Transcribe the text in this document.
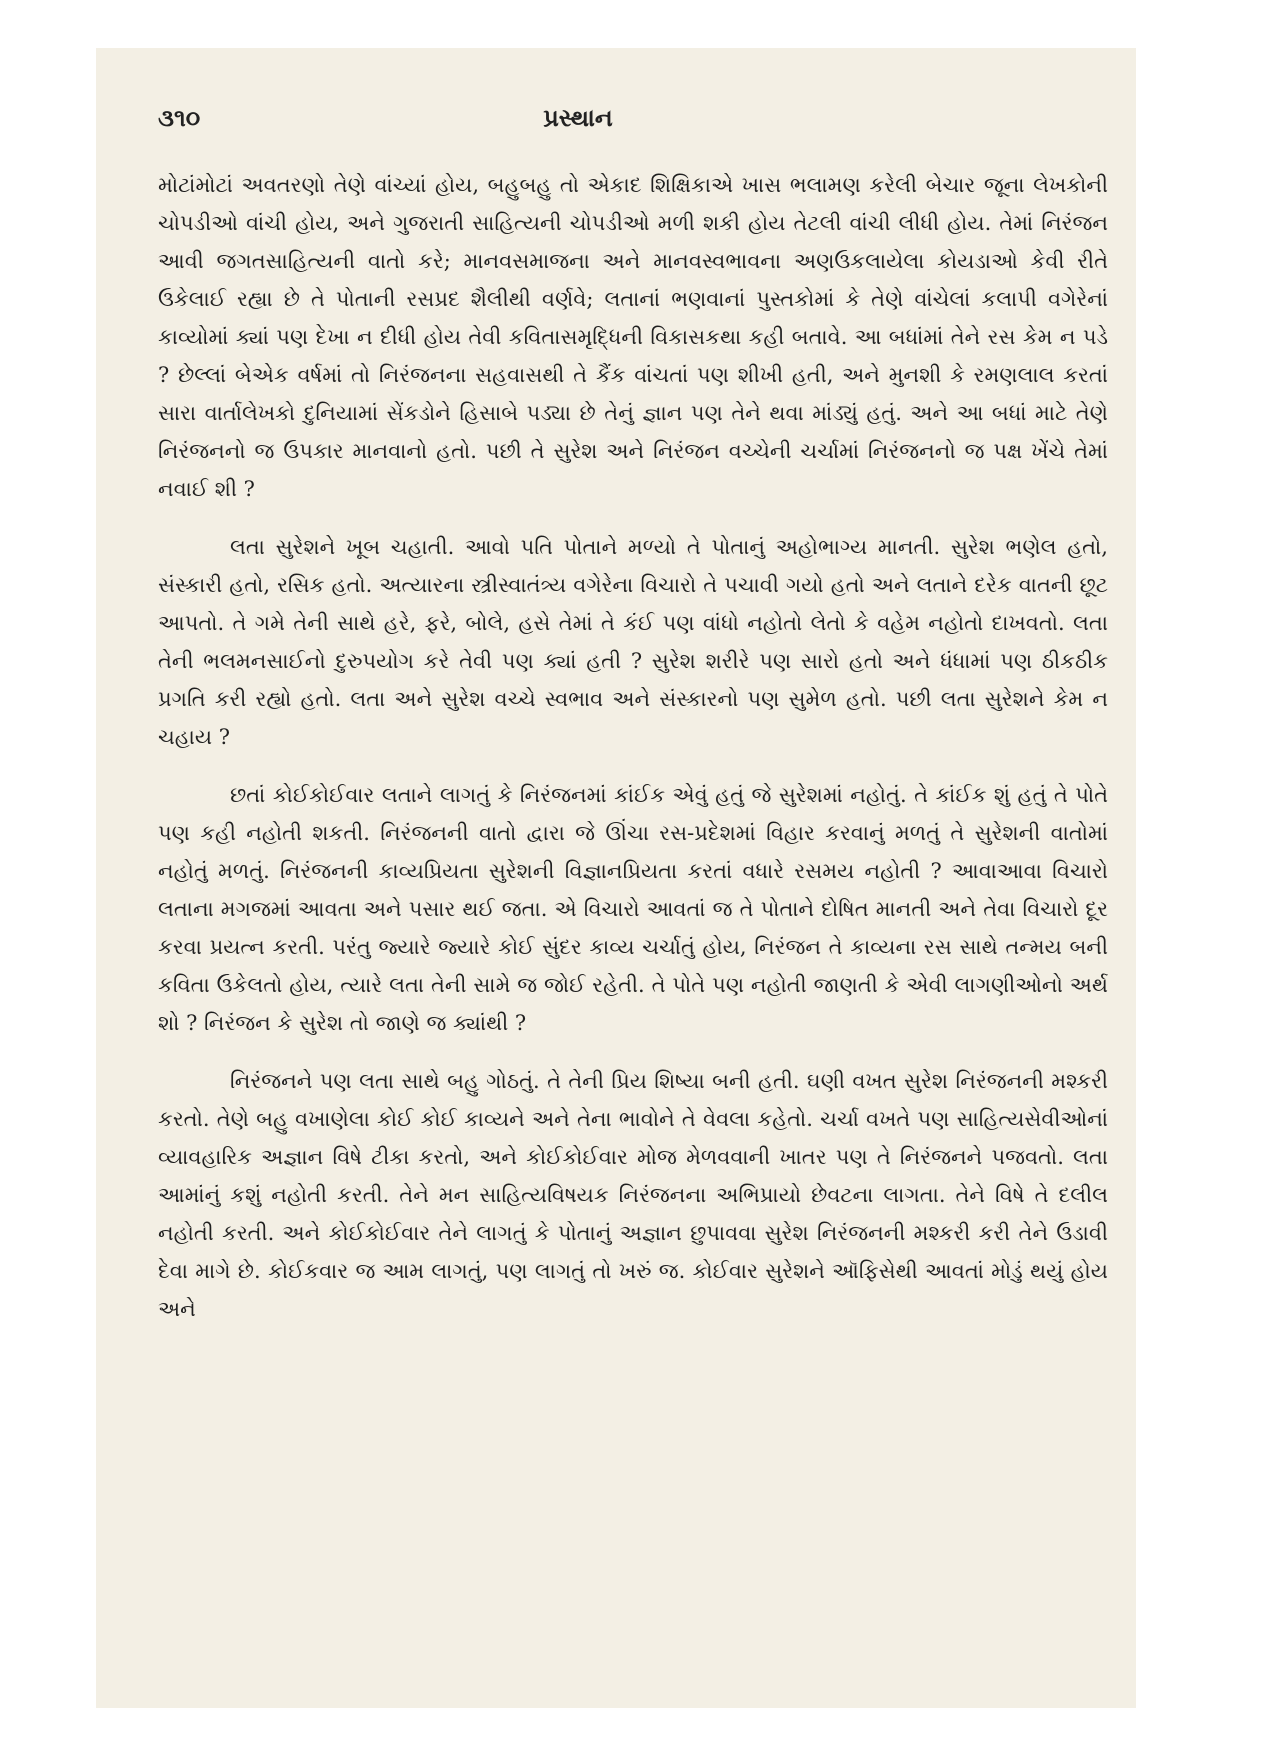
૩૧૦	પ્રસ્થાન

મોટાંમોટાં અવતરણો તેણે વાંચ્યાં હોય, બહુબહુ તો એકાદ શિક્ષિકાએ ખાસ ભલામણ કરેલી બેચાર જૂના લેખકોની ચોપડીઓ વાંચી હોય, અને ગુજરાતી સાહિત્યની ચોપડીઓ મળી શકી હોય તેટલી વાંચી લીધી હોય. તેમાં નિરંજન આવી જગતસાહિત્યની વાતો કરે; માનવસમાજના અને માનવસ્વભાવના અણઉકલાયેલા કોયડાઓ કેવી રીતે ઉકેલાઈ રહ્યા છે તે પોતાની રસપ્રદ શૈલીથી વર્ણવે; લતાનાં ભણવાનાં પુસ્તકોમાં કે તેણે વાંચેલાં કલાપી વગેરેનાં કાવ્યોમાં ક્યાં પણ દેખા ન દીધી હોય તેવી કવિતાસમૃદ્ધિની વિકાસકથા કહી બતાવે. આ બધાંમાં તેને રસ કેમ ન પડે ? છેલ્લાં બેએક વર્ષમાં તો નિરંજનના સહવાસથી તે કૈંક વાંચતાં પણ શીખી હતી, અને મુનશી કે રમણલાલ કરતાં સારા વાર્તાલેખકો દુનિયામાં સેંકડોને હિસાબે પડ્યા છે તેનું જ્ઞાન પણ તેને થવા માંડ્યું હતું. અને આ બધાં માટે તેણે નિરંજનનો જ ઉપકાર માનવાનો હતો. પછી તે સુરેશ અને નિરંજન વચ્ચેની ચર્ચામાં નિરંજનનો જ પક્ષ ખેંચે તેમાં નવાઈ શી ?

લતા સુરેશને ખૂબ ચહાતી. આવો પતિ પોતાને મળ્યો તે પોતાનું અહોભાગ્ય માનતી. સુરેશ ભણેલ હતો, સંસ્કારી હતો, રસિક હતો. અત્યારના સ્ત્રીસ્વાતંત્ર્ય વગેરેના વિચારો તે પચાવી ગયો હતો અને લતાને દરેક વાતની છૂટ આપતો. તે ગમે તેની સાથે હરે, ફરે, બોલે, હસે તેમાં તે કંઈ પણ વાંધો નહોતો લેતો કે વહેમ નહોતો દાખવતો. લતા તેની ભલમનસાઈનો દુરુપયોગ કરે તેવી પણ ક્યાં હતી ? સુરેશ શરીરે પણ સારો હતો અને ધંધામાં પણ ઠીકઠીક પ્રગતિ કરી રહ્યો હતો. લતા અને સુરેશ વચ્ચે સ્વભાવ અને સંસ્કારનો પણ સુમેળ હતો. પછી લતા સુરેશને કેમ ન ચહાય ?

છતાં કોઈકોઈવાર લતાને લાગતું કે નિરંજનમાં કાંઈક એવું હતું જે સુરેશમાં નહોતું. તે કાંઈક શું હતું તે પોતે પણ કહી નહોતી શકતી. નિરંજનની વાતો દ્વારા જે ઊંચા રસ-પ્રદેશમાં વિહાર કરવાનું મળતું તે સુરેશની વાતોમાં નહોતું મળતું. નિરંજનની કાવ્યપ્રિયતા સુરેશની વિજ્ઞાનપ્રિયતા કરતાં વધારે રસમય નહોતી ? આવાઆવા વિચારો લતાના મગજમાં આવતા અને પસાર થઈ જતા. એ વિચારો આવતાં જ તે પોતાને દોષિત માનતી અને તેવા વિચારો દૂર કરવા પ્રયત્ન કરતી. પરંતુ જ્યારે જ્યારે કોઈ સુંદર કાવ્ય ચર્ચાતું હોય, નિરંજન તે કાવ્યના રસ સાથે તન્મય બની કવિતા ઉકેલતો હોય, ત્યારે લતા તેની સામે જ જોઈ રહેતી. તે પોતે પણ નહોતી જાણતી કે એવી લાગણીઓનો અર્થ શો ? નિરંજન કે સુરેશ તો જાણે જ ક્યાંથી ?

નિરંજનને પણ લતા સાથે બહુ ગોઠતું. તે તેની પ્રિય શિષ્યા બની હતી. ઘણી વખત સુરેશ નિરંજનની મશ્કરી કરતો. તેણે બહુ વખાણેલા કોઈ કોઈ કાવ્યને અને તેના ભાવોને તે વેવલા કહેતો. ચર્ચા વખતે પણ સાહિત્યસેવીઓનાં વ્યાવહારિક અજ્ઞાન વિષે ટીકા કરતો, અને કોઈકોઈવાર મોજ મેળવવાની ખાતર પણ તે નિરંજનને પજવતો. લતા આમાંનું કશું નહોતી કરતી. તેને મન સાહિત્યવિષયક નિરંજનના અભિપ્રાયો છેવટના લાગતા. તેને વિષે તે દલીલ નહોતી કરતી. અને કોઈકોઈવાર તેને લાગતું કે પોતાનું અજ્ઞાન છુપાવવા સુરેશ નિરંજનની મશ્કરી કરી તેને ઉડાવી દેવા માગે છે. કોઈકવાર જ આમ લાગતું, પણ લાગતું તો ખરું જ. કોઈવાર સુરેશને ઑફિસેથી આવતાં મોડું થયું હોય અને
